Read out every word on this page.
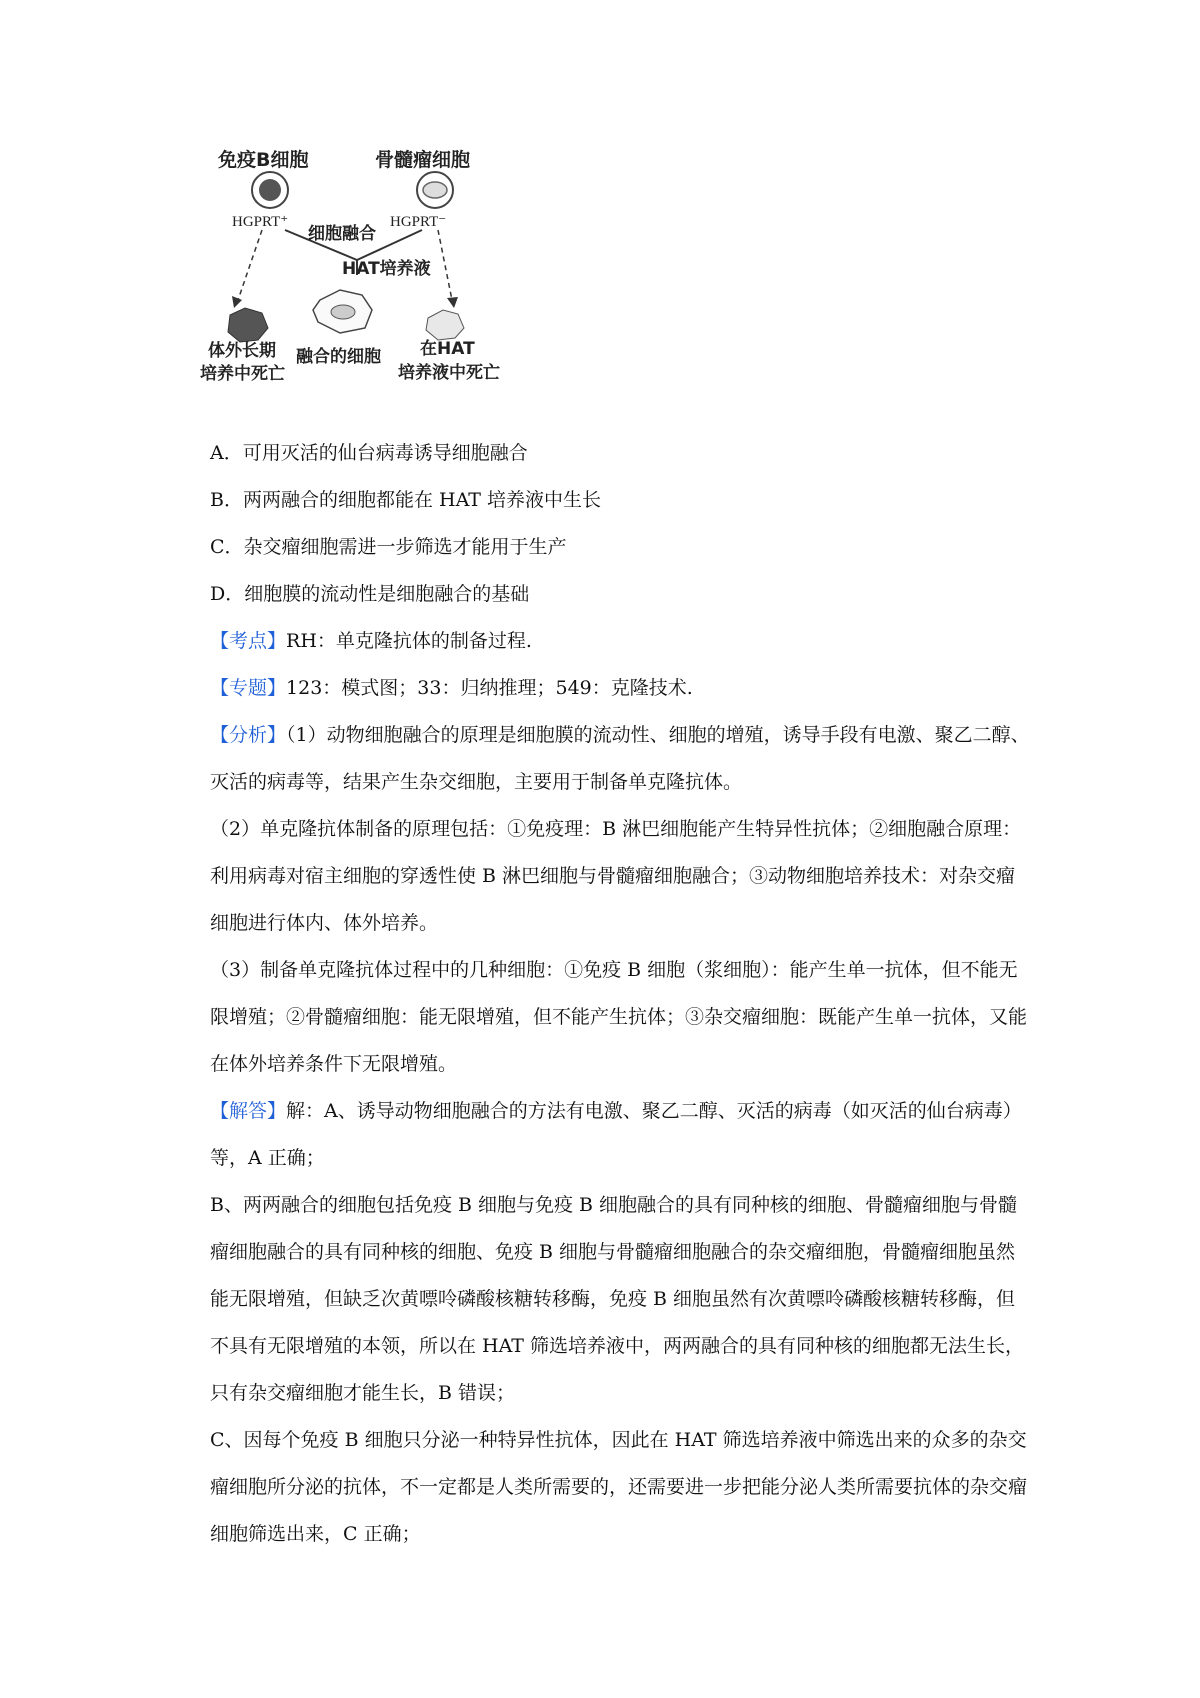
免疫B细胞	骨髓瘤细胞
HGPRT⁺	HGPRT⁻
细胞融合
HAT培养液
体外长期
培养中死亡
融合的细胞 在HAT
培养液中死亡

A．可用灭活的仙台病毒诱导细胞融合

B．两两融合的细胞都能在 HAT 培养液中生长

C．杂交瘤细胞需进一步筛选才能用于生产

D．细胞膜的流动性是细胞融合的基础

【考点】RH：单克隆抗体的制备过程.

【专题】123：模式图；33：归纳推理；549：克隆技术.

【分析】（1）动物细胞融合的原理是细胞膜的流动性、细胞的增殖，诱导手段有电激、聚乙二醇、灭活的病毒等，结果产生杂交细胞，主要用于制备单克隆抗体。

（2）单克隆抗体制备的原理包括：①免疫理：B 淋巴细胞能产生特异性抗体；②细胞融合原理：利用病毒对宿主细胞的穿透性使 B 淋巴细胞与骨髓瘤细胞融合；③动物细胞培养技术：对杂交瘤细胞进行体内、体外培养。

（3）制备单克隆抗体过程中的几种细胞：①免疫 B 细胞（浆细胞）：能产生单一抗体，但不能无限增殖；②骨髓瘤细胞：能无限增殖，但不能产生抗体；③杂交瘤细胞：既能产生单一抗体，又能在体外培养条件下无限增殖。

【解答】解：A、诱导动物细胞融合的方法有电激、聚乙二醇、灭活的病毒（如灭活的仙台病毒）等，A 正确；

B、两两融合的细胞包括免疫 B 细胞与免疫 B 细胞融合的具有同种核的细胞、骨髓瘤细胞与骨髓瘤细胞融合的具有同种核的细胞、免疫 B 细胞与骨髓瘤细胞融合的杂交瘤细胞，骨髓瘤细胞虽然能无限增殖，但缺乏次黄嘌呤磷酸核糖转移酶，免疫 B 细胞虽然有次黄嘌呤磷酸核糖转移酶，但不具有无限增殖的本领，所以在 HAT 筛选培养液中，两两融合的具有同种核的细胞都无法生长，只有杂交瘤细胞才能生长，B 错误；

C、因每个免疫 B 细胞只分泌一种特异性抗体，因此在 HAT 筛选培养液中筛选出来的众多的杂交瘤细胞所分泌的抗体，不一定都是人类所需要的，还需要进一步把能分泌人类所需要抗体的杂交瘤细胞筛选出来，C 正确；
